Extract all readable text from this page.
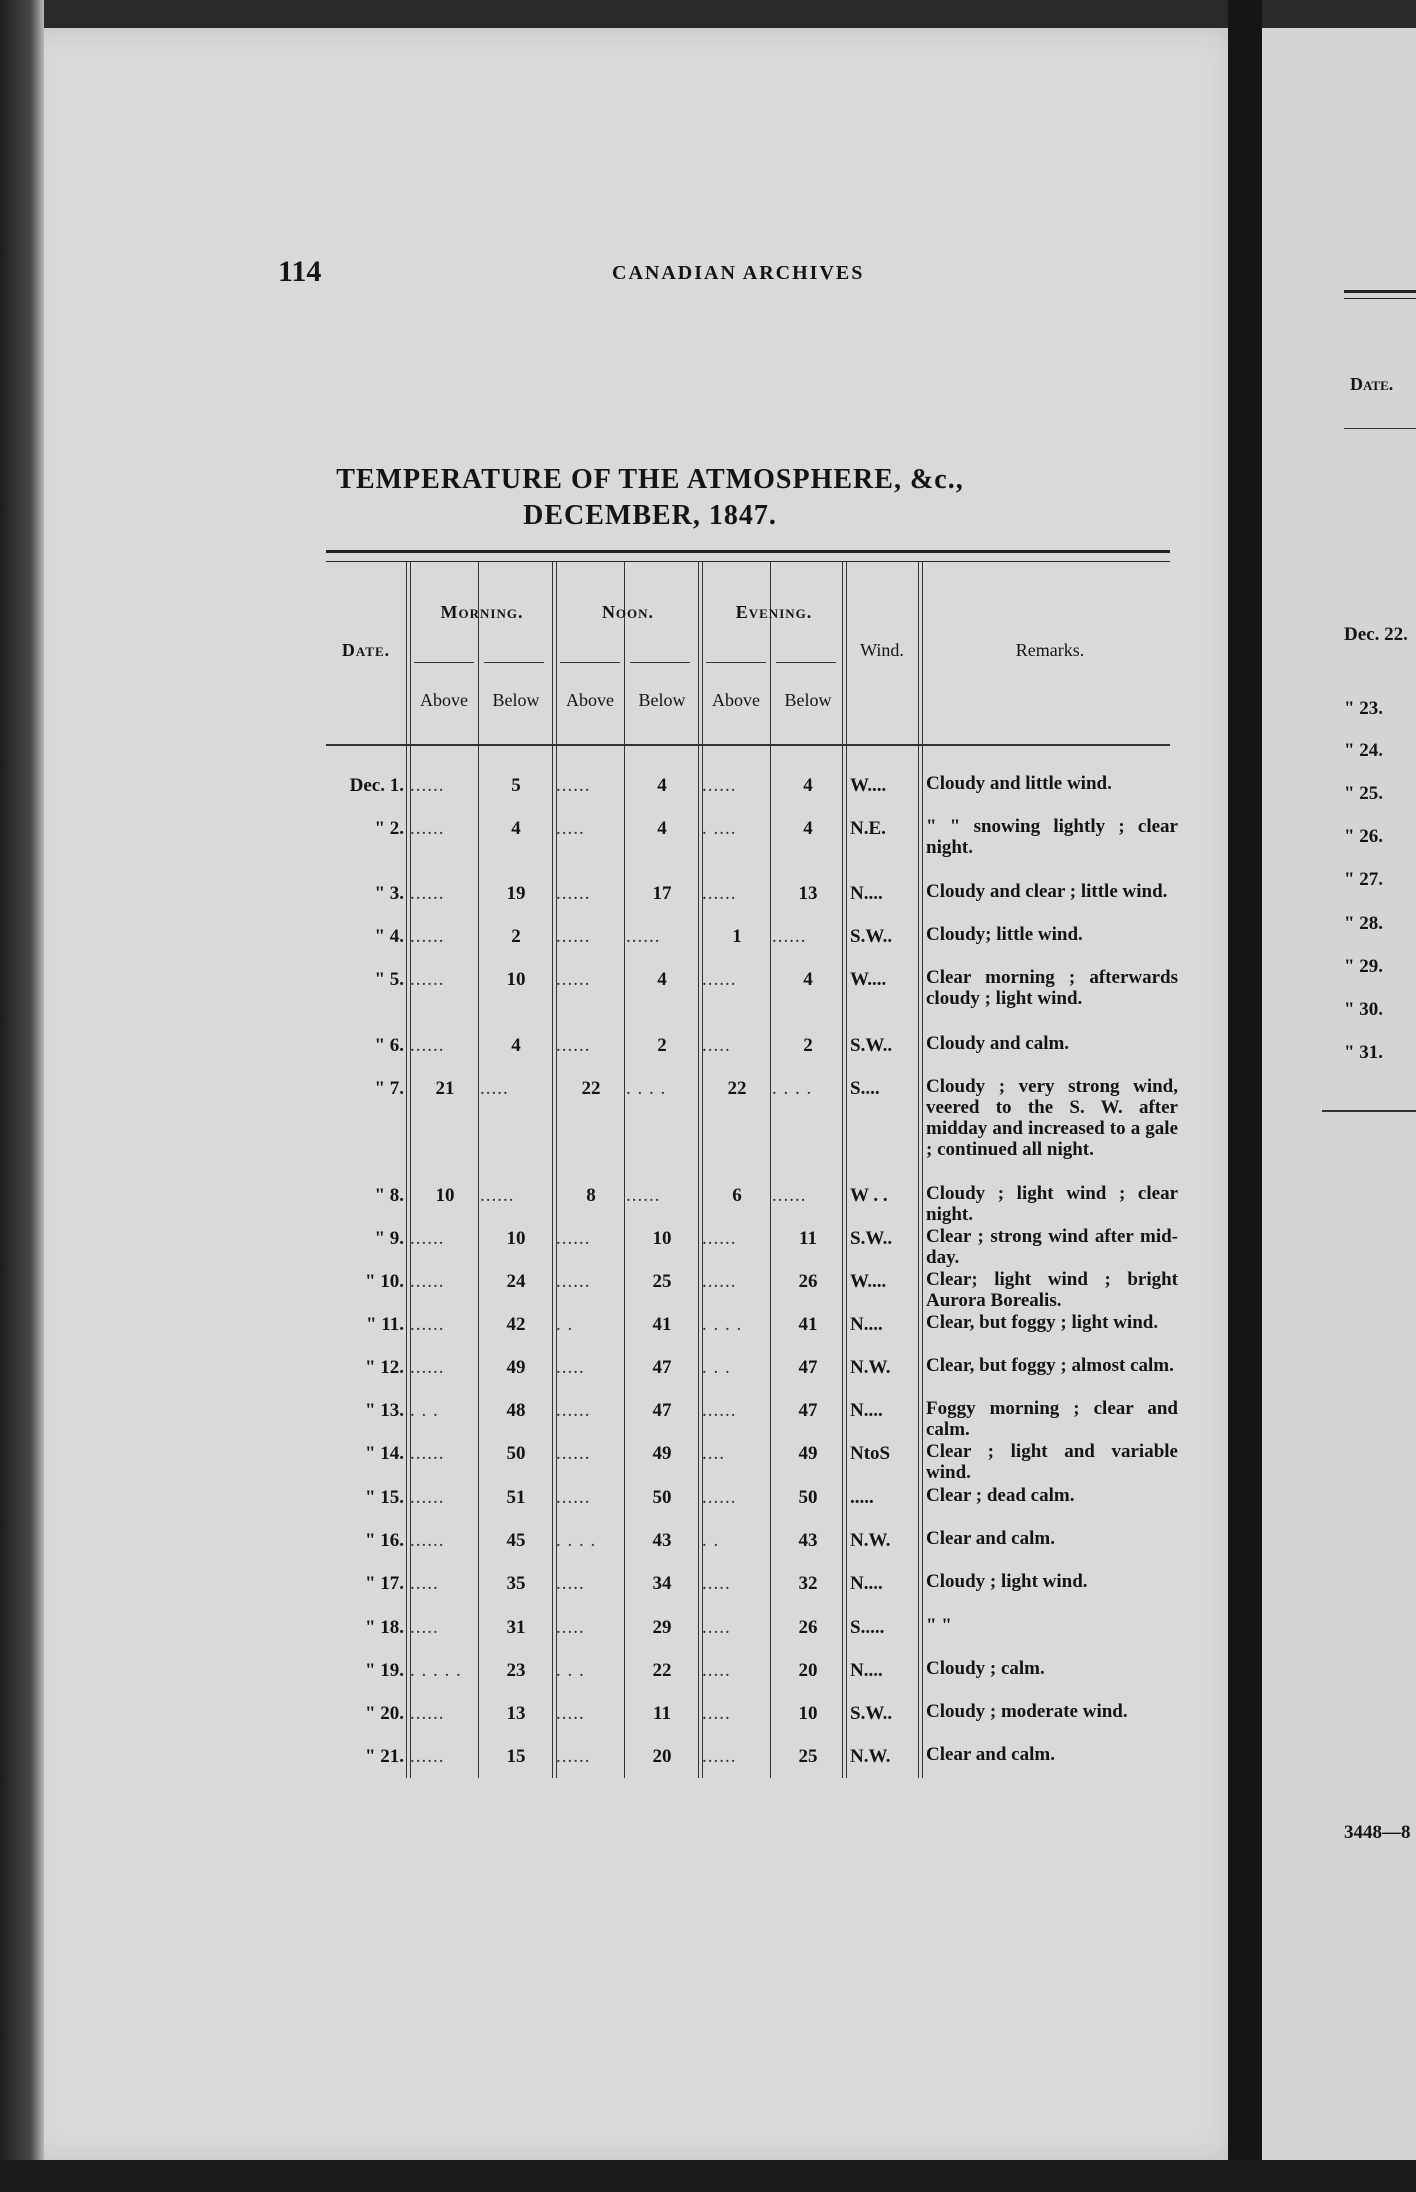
Date.
Dec. 22.
" 23.
" 24.
" 25.
" 26.
" 27.
" 28.
" 29.
" 30.
" 31.
3448—8
114	CANADIAN ARCHIVES
TEMPERATURE OF THE ATMOSPHERE, &c.,
DECEMBER, 1847.
Date.
Morning.	Noon.	Evening.
Wind.	Remarks.
Above	Below	Above	Below	Above	Below
Dec. 1. ......	5	......	4	......	4	W....	Cloudy and little wind.
" 2. ......	4	.....	4	. ....	4	N.E.	" " snowing lightly ; clear night.
" 3. ......	19	......	17	......	13	N....	Cloudy and clear ; little wind.
" 4. ......	2	......	......	1	......	S.W..	Cloudy; little wind.
" 5. ......	10	......	4	......	4	W....	Clear morning ; afterwards cloudy ; light wind.
" 6. ......	4	......	2	.....	2	S.W..	Cloudy and calm.
" 7.	21	.....	22	. . . .	22	. . . .	S....	Cloudy ; very strong wind, veered to the S. W. after midday and increased to a gale ; continued all night.
" 8.	10	......	8	......	6	......	W . .	Cloudy ; light wind ; clear night.
" 9. ......	10	......	10	......	11	S.W..	Clear ; strong wind after mid-day.
" 10. ......	24	......	25	......	26	W....	Clear; light wind ; bright Aurora Borealis.
" 11. ......	42	. .	41	. . . .	41	N....	Clear, but foggy ; light wind.
" 12. ......	49	.....	47	. . .	47	N.W.	Clear, but foggy ; almost calm.
" 13. . . .	48	......	47	......	47	N....	Foggy morning ; clear and calm.
" 14. ......	50	......	49	....	49	NtoS	Clear ; light and variable wind.
" 15. ......	51	......	50	......	50	.....	Clear ; dead calm.
" 16. ......	45	. . . .	43	. .	43	N.W.	Clear and calm.
" 17. .....	35	.....	34	.....	32	N....	Cloudy ; light wind.
" 18. .....	31	.....	29	.....	26	S.....	" "
" 19. . . . . .	23	. . .	22	.....	20	N....	Cloudy ; calm.
" 20. ......	13	.....	11	.....	10	S.W..	Cloudy ; moderate wind.
" 21. ......	15	......	20	......	25	N.W.	Clear and calm.
